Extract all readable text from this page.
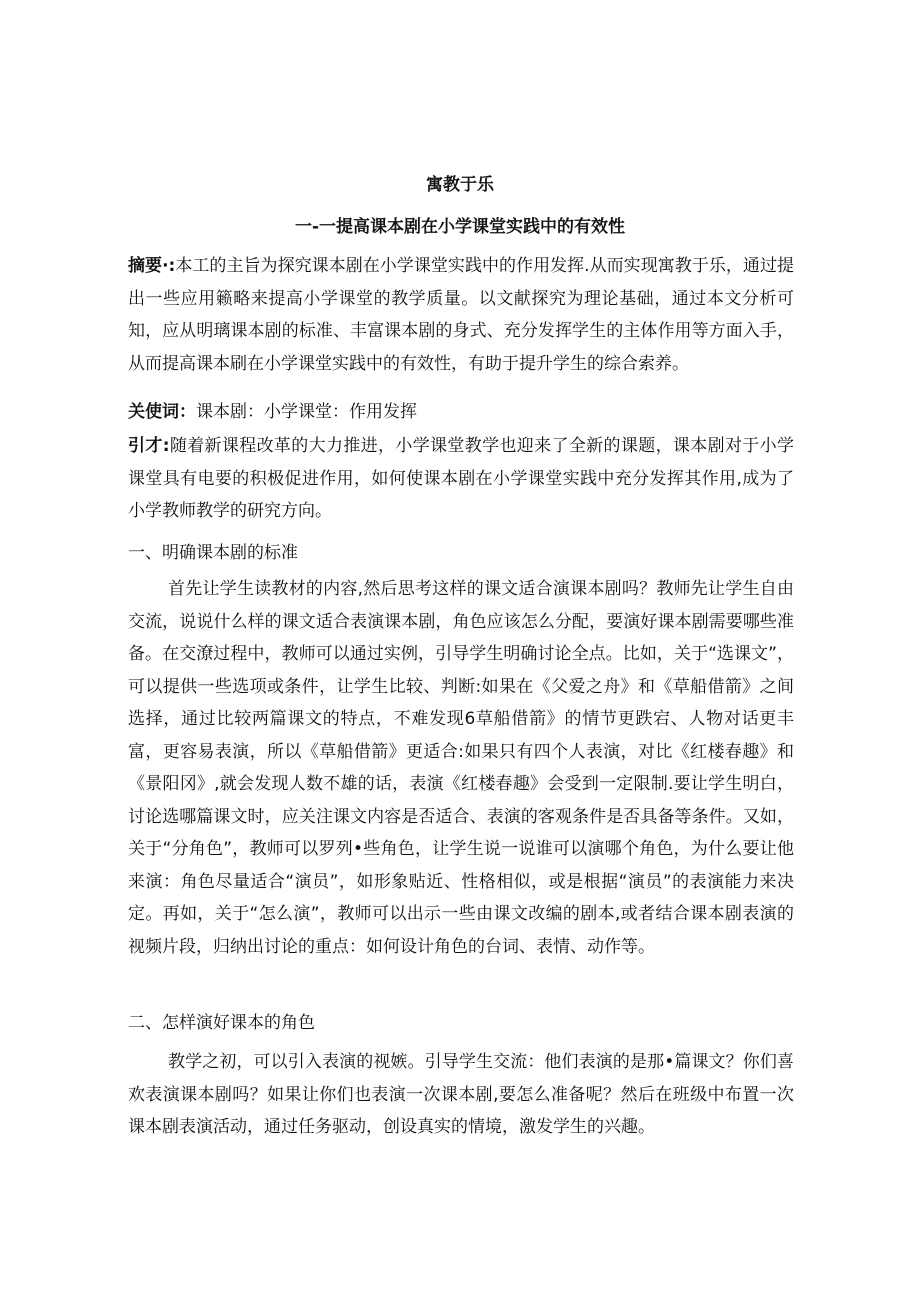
寓教于乐
一-一提高课本剧在小学课堂实践中的有效性
摘要·:本工的主旨为探究课本剧在小学课堂实践中的作用发挥.从而实现寓教于乐，通过提出一些应用籁略来提高小学课堂的教学质量。以文献探究为理论基础，通过本文分析可知，应从明璃课本剧的标准、丰富课本剧的身式、充分发挥学生的主体作用等方面入手，从而提高课本刷在小学课堂实践中的有效性，有助于提升学生的综合索养。
关使词：课本剧：小学课堂：作用发挥
引才:随着新课程改革的大力推进，小学课堂教学也迎来了全新的课题，课本剧对于小学课堂具有电要的积极促进作用，如何使课本剧在小学课堂实践中充分发挥其作用,成为了小学教师教学的研究方向。
一、明确课本剧的标准
首先让学生读教材的内容,然后思考这样的课文适合演课本剧吗？教师先让学生自由交流，说说什么样的课文适合表演课本剧，角色应该怎么分配，要演好课本剧需要哪些准备。在交潦过程中，教师可以通过实例，引导学生明确讨论全点。比如，关于“选课文”，可以提供一些选项或条件，让学生比较、判断:如果在《父爱之舟》和《草船借箭》之间选择，通过比较两篇课文的特点，不难发现6草船借箭》的情节更跌宕、人物对话更丰富，更容易表演，所以《草船借箭》更适合:如果只有四个人表演，对比《红楼春趣》和《景阳冈》,就会发现人数不雄的话，表演《红楼春趣》会受到一定限制.要让学生明白，讨论选哪篇课文时，应关注课文内容是否适合、表演的客观条件是否具备等条件。又如，关于“分角色”，教师可以罗列•些角色，让学生说一说谁可以演哪个角色，为什么要让他来演：角色尽量适合“演员”，如形象贴近、性格相似，或是根据“演员”的表演能力来决定。再如，关于“怎么演”，教师可以出示一些由课文改编的剧本,或者结合课本剧表演的视频片段，归纳出讨论的重点：如何设计角色的台词、表情、动作等。
二、怎样演好课本的角色
教学之初，可以引入表演的视嫉。引导学生交流：他们表演的是那•篇课文？你们喜欢表演课本剧吗？如果让你们也表演一次课本剧,要怎么准备呢？然后在班级中布置一次课本剧表演活动，通过任务驱动，创设真实的情境，激发学生的兴趣。
